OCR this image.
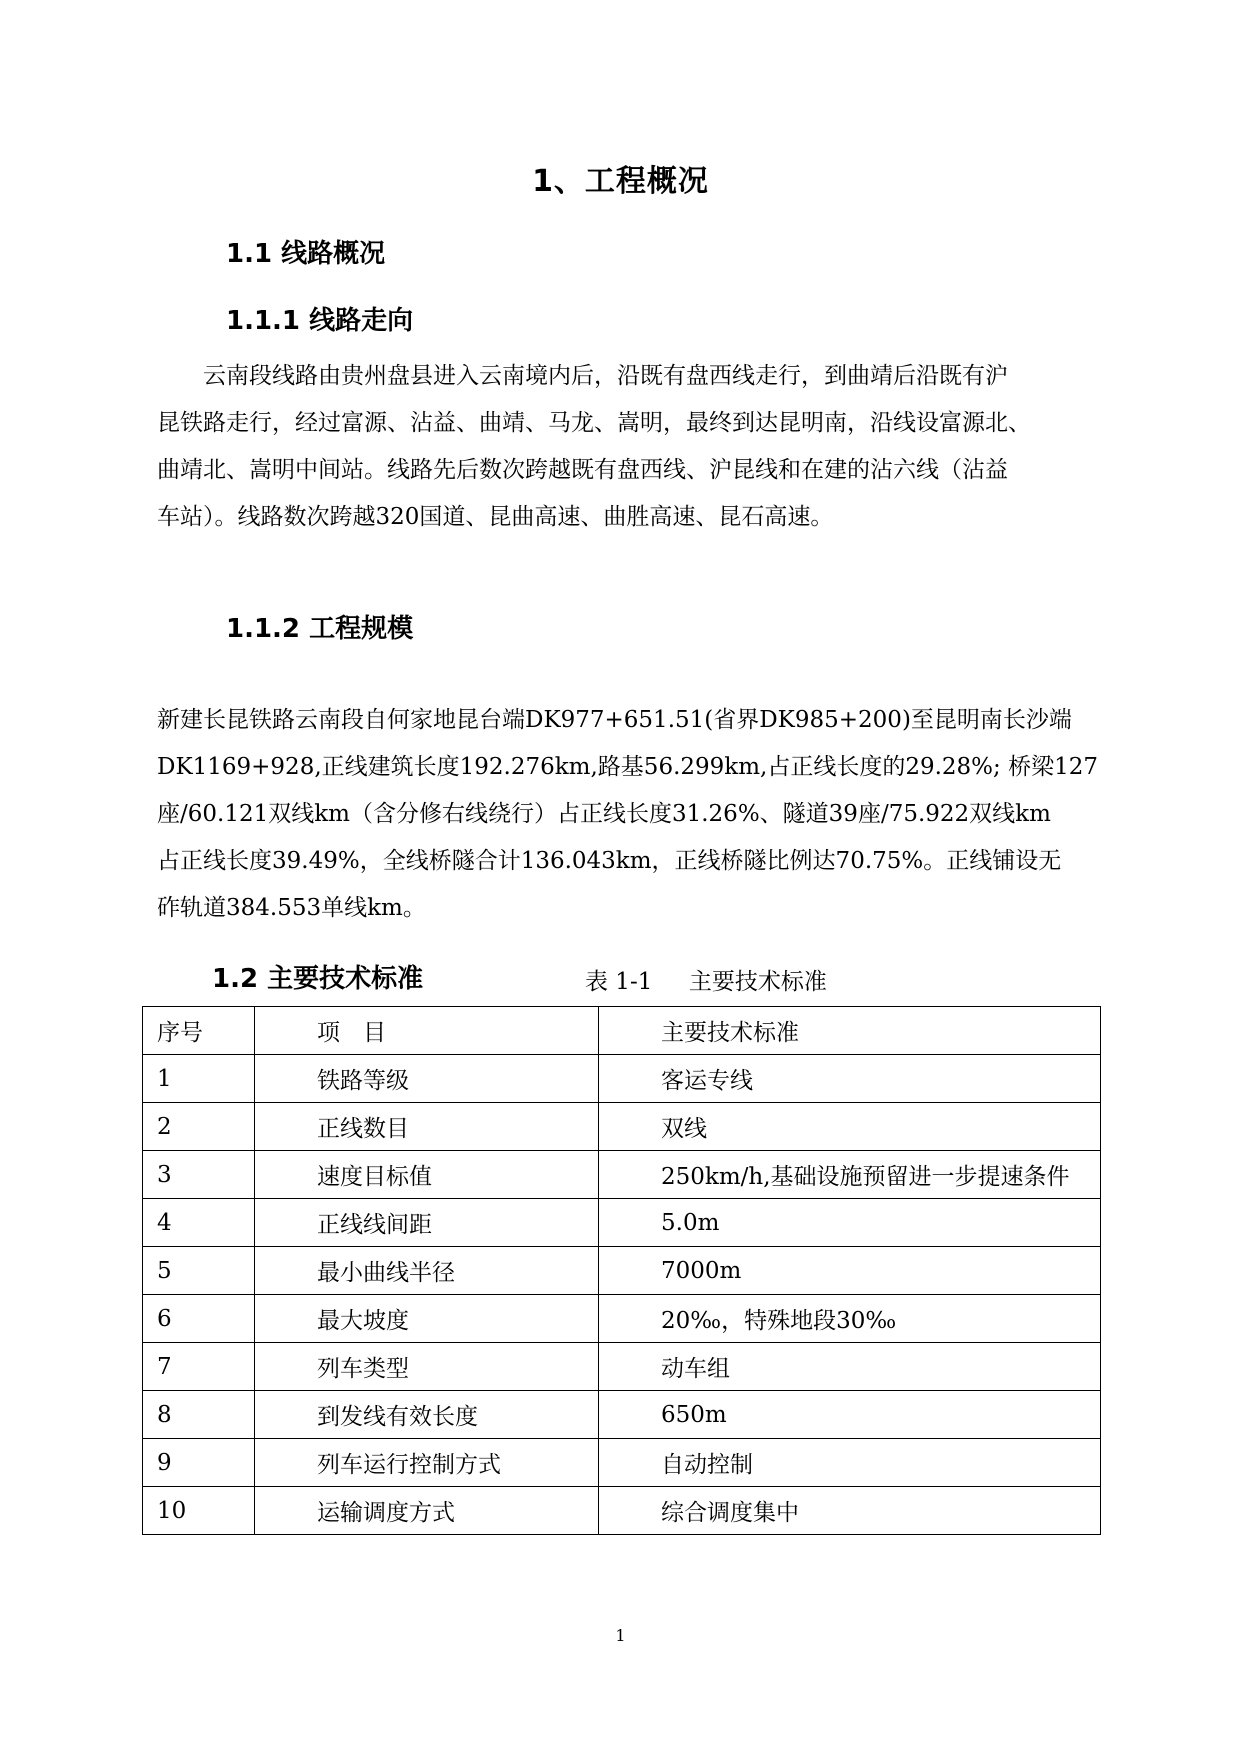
1、工程概况
1.1 线路概况
1.1.1 线路走向
　　云南段线路由贵州盘县进入云南境内后，沿既有盘西线走行，到曲靖后沿既有沪
昆铁路走行，经过富源、沾益、曲靖、马龙、嵩明，最终到达昆明南，沿线设富源北、
曲靖北、嵩明中间站。线路先后数次跨越既有盘西线、沪昆线和在建的沾六线（沾益
车站）。线路数次跨越320国道、昆曲高速、曲胜高速、昆石高速。
1.1.2 工程规模
新建长昆铁路云南段自何家地昆台端DK977+651.51(省界DK985+200)至昆明南长沙端
DK1169+928,正线建筑长度192.276km,路基56.299km,占正线长度的29.28%; 桥梁127
座/60.121双线km（含分修右线绕行）占正线长度31.26%、隧道39座/75.922双线km
占正线长度39.49%，全线桥隧合计136.043km，正线桥隧比例达70.75%。正线铺设无
砟轨道384.553单线km。
1.2 主要技术标准	表 1-1     主要技术标准
序号	项　目	主要技术标准
1	铁路等级	客运专线
2	正线数目	双线
3	速度目标值	250km/h,基础设施预留进一步提速条件
4	正线线间距	5.0m
5	最小曲线半径	7000m
6	最大坡度	20‰，特殊地段30‰
7	列车类型	动车组
8	到发线有效长度	650m
9	列车运行控制方式	自动控制
10	运输调度方式	综合调度集中
1
